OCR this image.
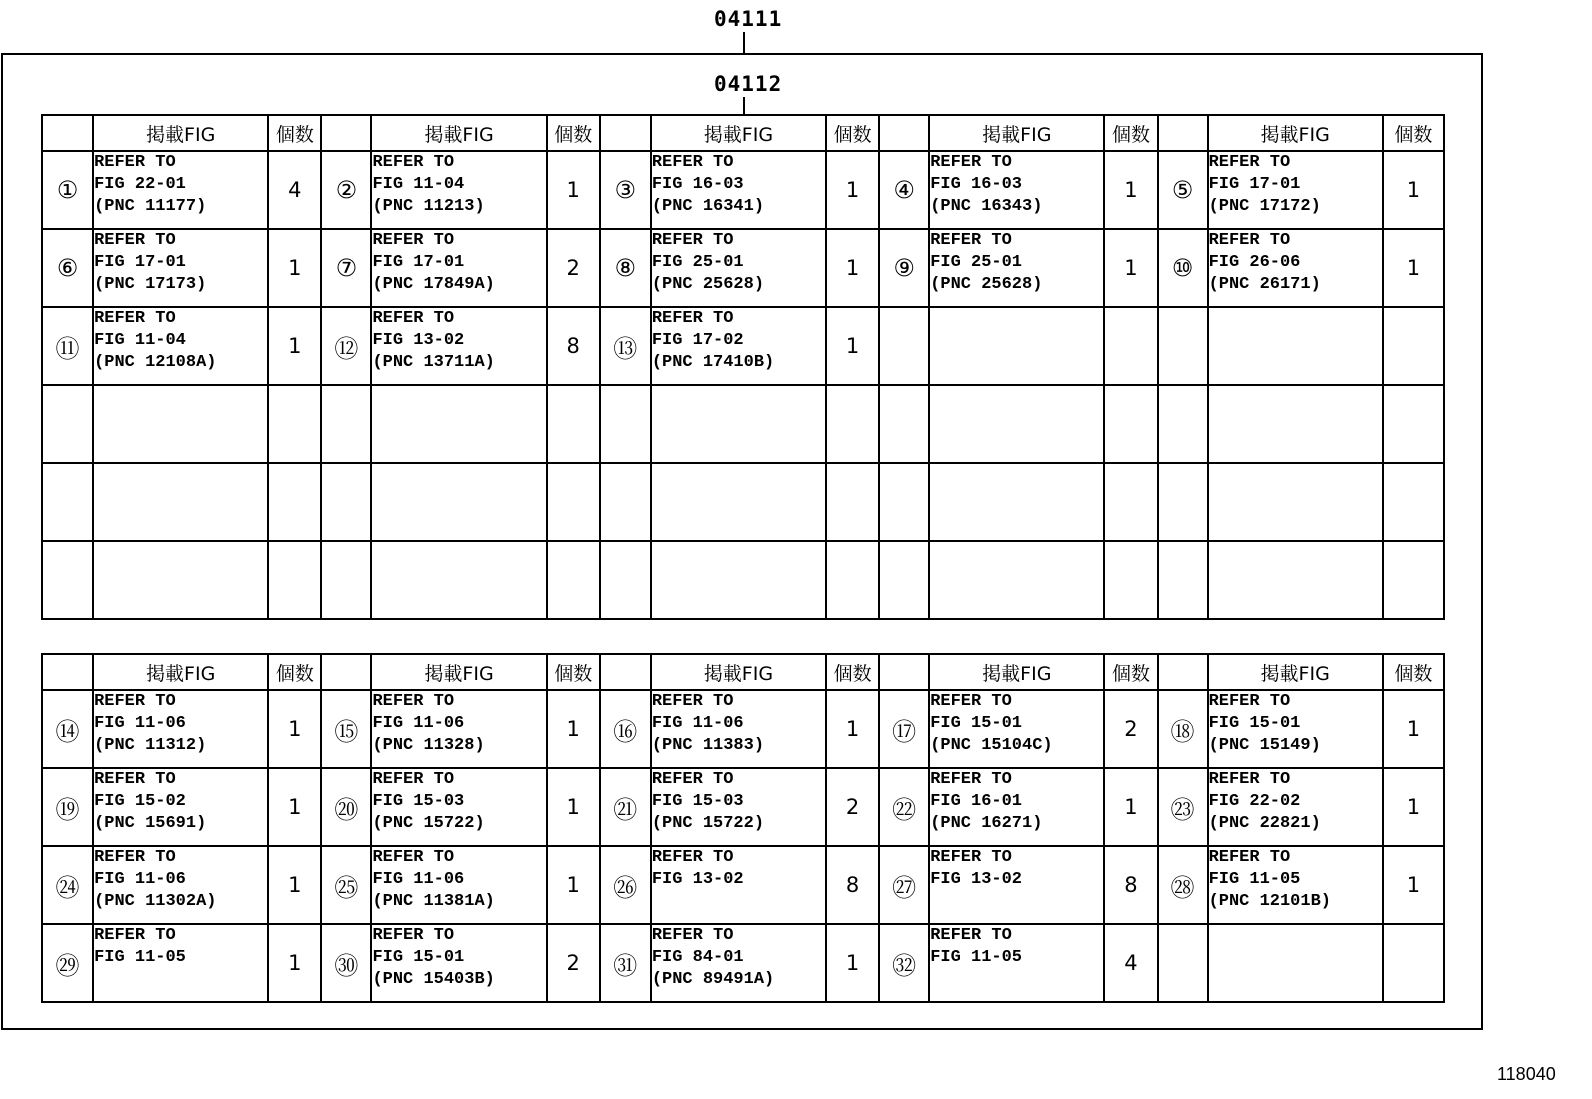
04111
04112
	掲載FIG	個数		掲載FIG	個数		掲載FIG	個数		掲載FIG	個数		掲載FIG	個数
①	REFER TO
FIG 22-01
(PNC 11177)	4	②	REFER TO
FIG 11-04
(PNC 11213)	1	③	REFER TO
FIG 16-03
(PNC 16341)	1	④	REFER TO
FIG 16-03
(PNC 16343)	1	⑤	REFER TO
FIG 17-01
(PNC 17172)	1
⑥	REFER TO
FIG 17-01
(PNC 17173)	1	⑦	REFER TO
FIG 17-01
(PNC 17849A)	2	⑧	REFER TO
FIG 25-01
(PNC 25628)	1	⑨	REFER TO
FIG 25-01
(PNC 25628)	1	⑩	REFER TO
FIG 26-06
(PNC 26171)	1
⑪	REFER TO
FIG 11-04
(PNC 12108A)	1	⑫	REFER TO
FIG 13-02
(PNC 13711A)	8	⑬	REFER TO
FIG 17-02
(PNC 17410B)	1						

	掲載FIG	個数		掲載FIG	個数		掲載FIG	個数		掲載FIG	個数		掲載FIG	個数
⑭	REFER TO
FIG 11-06
(PNC 11312)	1	⑮	REFER TO
FIG 11-06
(PNC 11328)	1	⑯	REFER TO
FIG 11-06
(PNC 11383)	1	⑰	REFER TO
FIG 15-01
(PNC 15104C)	2	⑱	REFER TO
FIG 15-01
(PNC 15149)	1
⑲	REFER TO
FIG 15-02
(PNC 15691)	1	⑳	REFER TO
FIG 15-03
(PNC 15722)	1	㉑	REFER TO
FIG 15-03
(PNC 15722)	2	㉒	REFER TO
FIG 16-01
(PNC 16271)	1	㉓	REFER TO
FIG 22-02
(PNC 22821)	1
㉔	REFER TO
FIG 11-06
(PNC 11302A)	1	㉕	REFER TO
FIG 11-06
(PNC 11381A)	1	㉖	REFER TO
FIG 13-02	8	㉗	REFER TO
FIG 13-02	8	㉘	REFER TO
FIG 11-05
(PNC 12101B)	1
㉙	REFER TO
FIG 11-05	1	㉚	REFER TO
FIG 15-01
(PNC 15403B)	2	㉛	REFER TO
FIG 84-01
(PNC 89491A)	1	㉜	REFER TO
FIG 11-05	4			
118040
